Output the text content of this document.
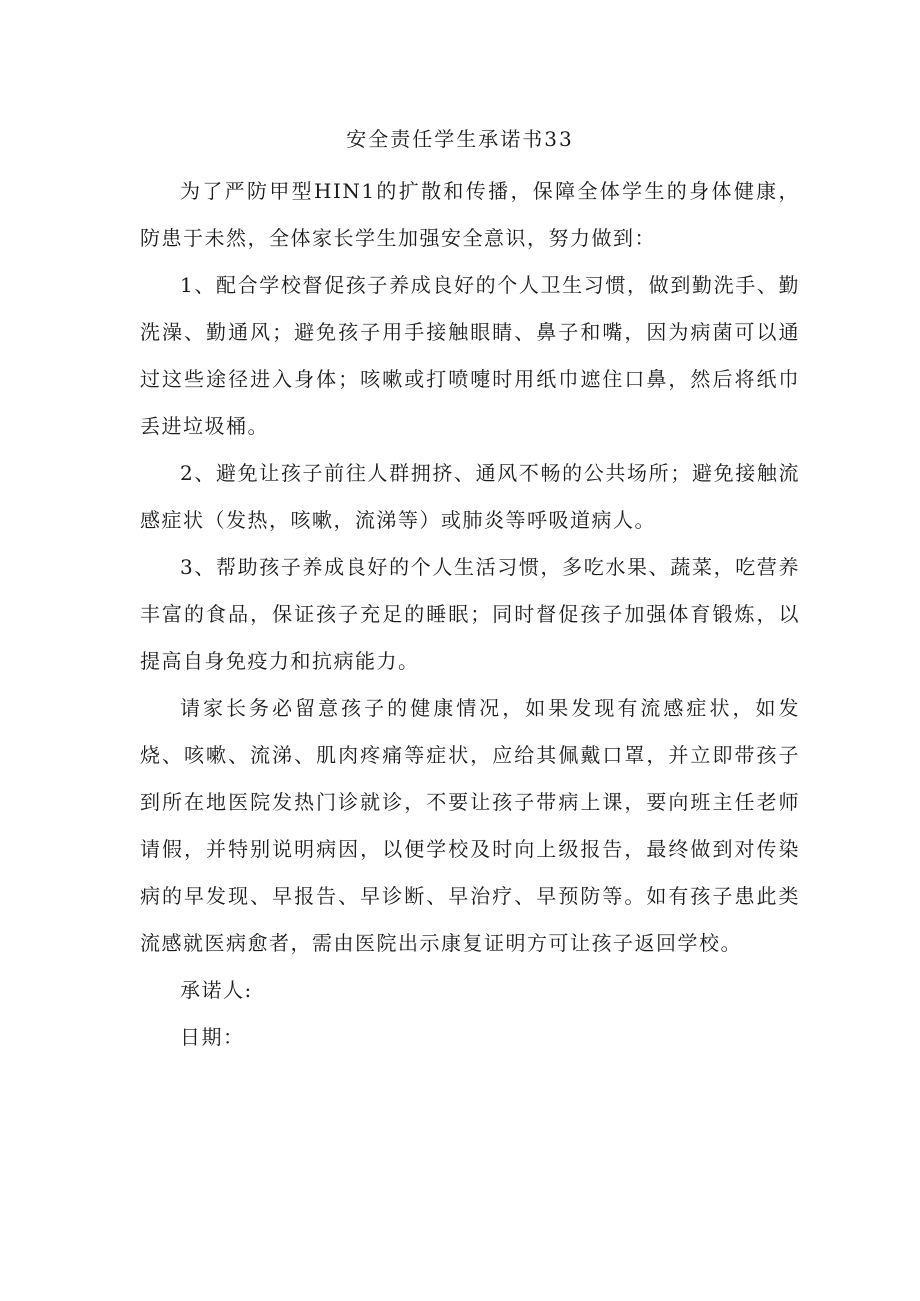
安全责任学生承诺书33

为了严防甲型HIN1的扩散和传播，保障全体学生的身体健康，防患于未然，全体家长学生加强安全意识，努力做到：

1、配合学校督促孩子养成良好的个人卫生习惯，做到勤洗手、勤洗澡、勤通风；避免孩子用手接触眼睛、鼻子和嘴，因为病菌可以通过这些途径进入身体；咳嗽或打喷嚏时用纸巾遮住口鼻，然后将纸巾丢进垃圾桶。

2、避免让孩子前往人群拥挤、通风不畅的公共场所；避免接触流感症状（发热，咳嗽，流涕等）或肺炎等呼吸道病人。

3、帮助孩子养成良好的个人生活习惯，多吃水果、蔬菜，吃营养丰富的食品，保证孩子充足的睡眠；同时督促孩子加强体育锻炼，以提高自身免疫力和抗病能力。

请家长务必留意孩子的健康情况，如果发现有流感症状，如发烧、咳嗽、流涕、肌肉疼痛等症状，应给其佩戴口罩，并立即带孩子到所在地医院发热门诊就诊，不要让孩子带病上课，要向班主任老师请假，并特别说明病因，以便学校及时向上级报告，最终做到对传染病的早发现、早报告、早诊断、早治疗、早预防等。如有孩子患此类流感就医病愈者，需由医院出示康复证明方可让孩子返回学校。

承诺人:

日期：
